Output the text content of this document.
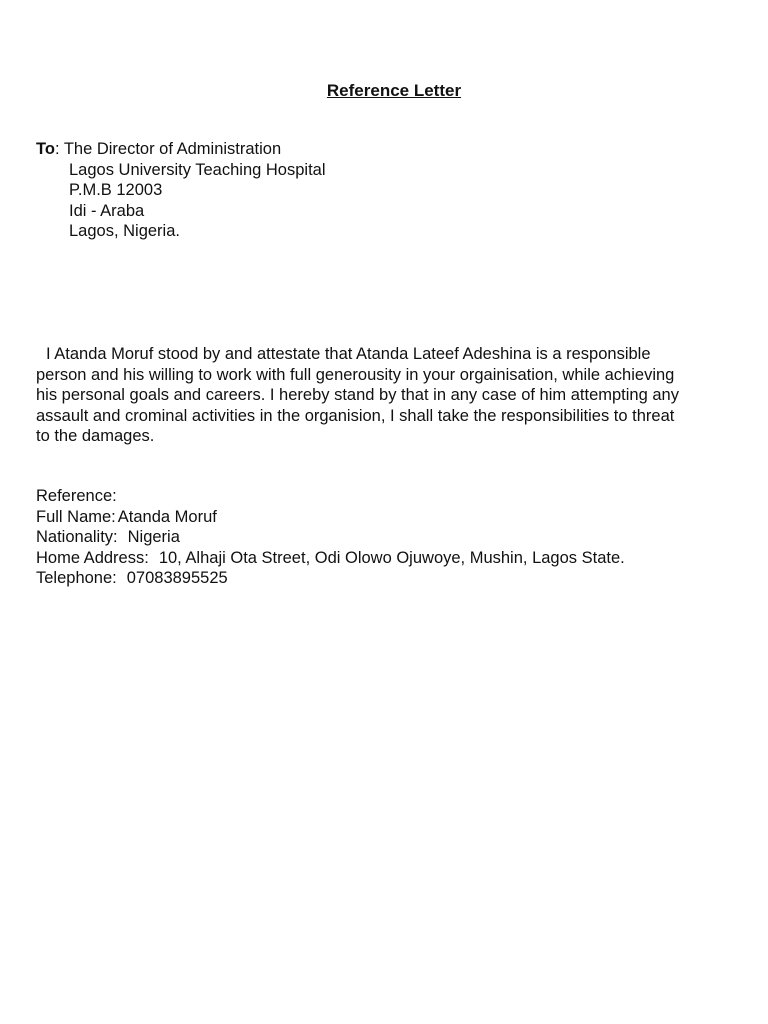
Reference Letter
To: The Director of Administration
Lagos University Teaching Hospital
P.M.B 12003
Idi - Araba
Lagos, Nigeria.

I Atanda Moruf stood by and attestate that Atanda Lateef Adeshina is a responsible
person and his willing to work with full generousity in your orgainisation, while achieving
his personal goals and careers. I hereby stand by that in any case of him attempting any
assault and crominal activities in the organision, I shall take the responsibilities to threat
to the damages.

Reference:
Full Name: Atanda Moruf
Nationality: Nigeria
Home Address: 10, Alhaji Ota Street, Odi Olowo Ojuwoye, Mushin, Lagos State.
Telephone: 07083895525
